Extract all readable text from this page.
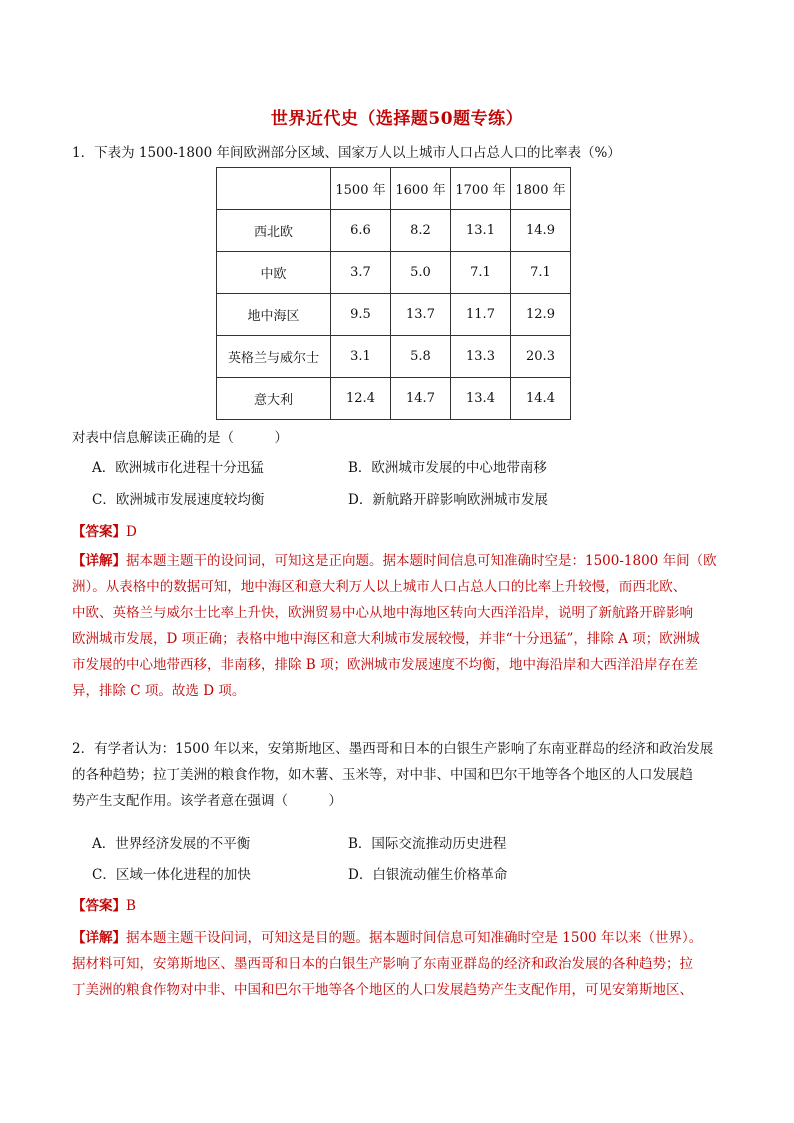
世界近代史（选择题50题专练）
1．下表为 1500-1800 年间欧洲部分区域、国家万人以上城市人口占总人口的比率表（%）
	1500 年	1600 年	1700 年	1800 年
西北欧	6.6	8.2	13.1	14.9
中欧	3.7	5.0	7.1	7.1
地中海区	9.5	13.7	11.7	12.9
英格兰与威尔士	3.1	5.8	13.3	20.3
意大利	12.4	14.7	13.4	14.4
对表中信息解读正确的是（　　　）
A．欧洲城市化进程十分迅猛	B．欧洲城市发展的中心地带南移
C．欧洲城市发展速度较均衡	D．新航路开辟影响欧洲城市发展
【答案】D
【详解】据本题主题干的设问词，可知这是正向题。据本题时间信息可知准确时空是：1500-1800 年间（欧
洲）。从表格中的数据可知，地中海区和意大利万人以上城市人口占总人口的比率上升较慢，而西北欧、
中欧、英格兰与威尔士比率上升快，欧洲贸易中心从地中海地区转向大西洋沿岸，说明了新航路开辟影响
欧洲城市发展，D 项正确；表格中地中海区和意大利城市发展较慢，并非“十分迅猛”，排除 A 项；欧洲城
市发展的中心地带西移，非南移，排除 B 项；欧洲城市发展速度不均衡，地中海沿岸和大西洋沿岸存在差
异，排除 C 项。故选 D 项。
2．有学者认为：1500 年以来，安第斯地区、墨西哥和日本的白银生产影响了东南亚群岛的经济和政治发展
的各种趋势；拉丁美洲的粮食作物，如木薯、玉米等，对中非、中国和巴尔干地等各个地区的人口发展趋
势产生支配作用。该学者意在强调（　　　）
A．世界经济发展的不平衡	B．国际交流推动历史进程
C．区域一体化进程的加快	D．白银流动催生价格革命
【答案】B
【详解】据本题主题干设问词，可知这是目的题。据本题时间信息可知准确时空是 1500 年以来（世界）。
据材料可知，安第斯地区、墨西哥和日本的白银生产影响了东南亚群岛的经济和政治发展的各种趋势；拉
丁美洲的粮食作物对中非、中国和巴尔干地等各个地区的人口发展趋势产生支配作用，可见安第斯地区、
